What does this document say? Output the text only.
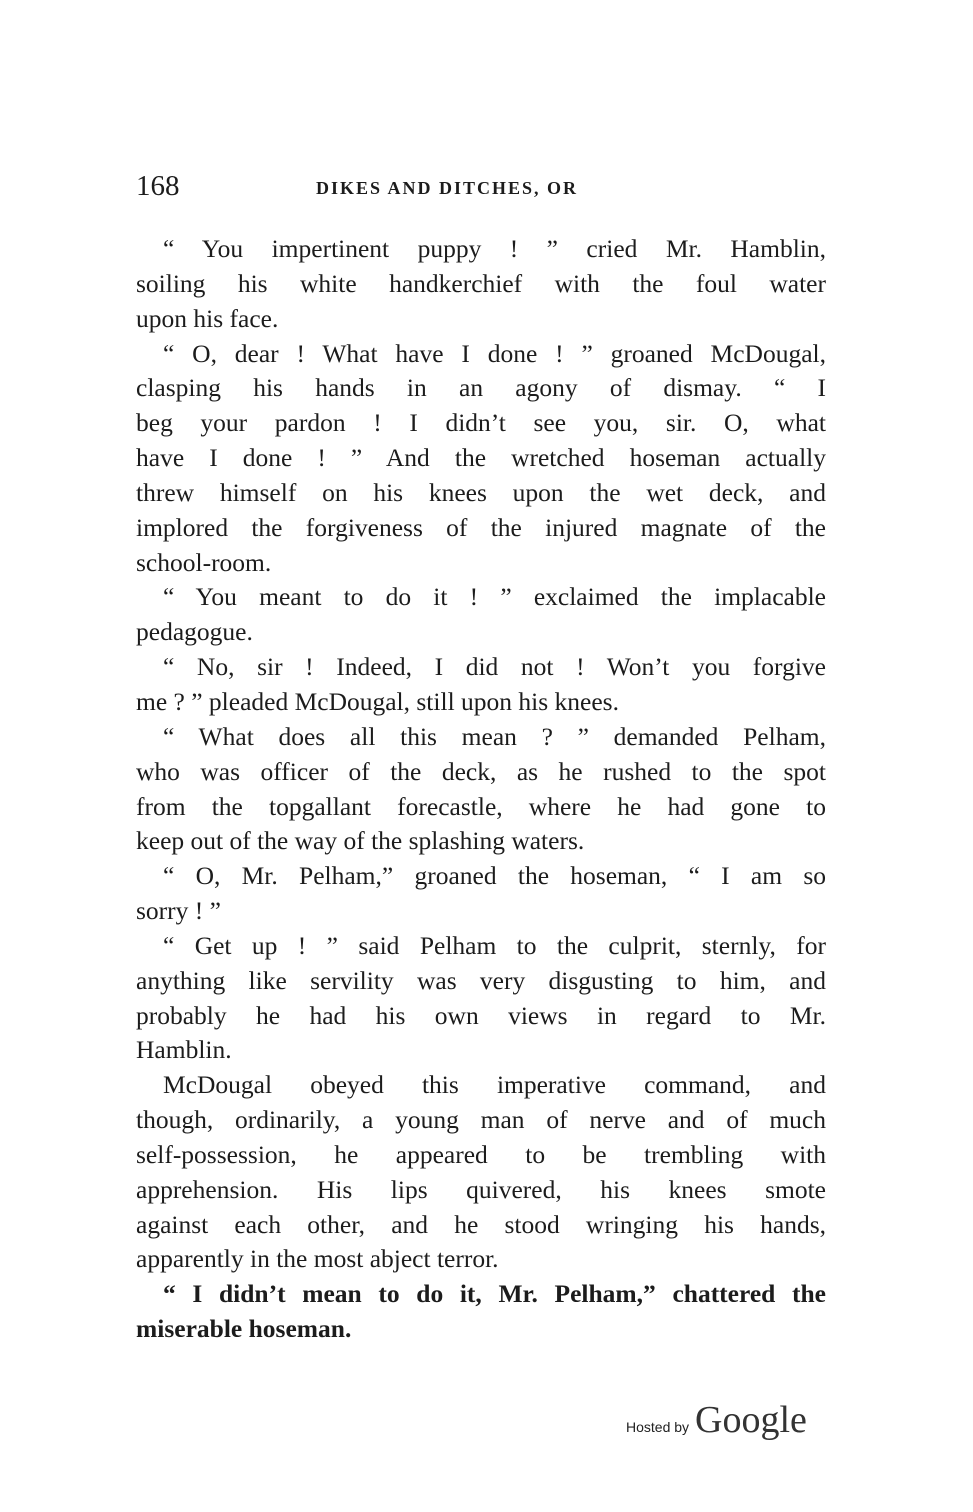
168	DIKES AND DITCHES, OR
“ You impertinent puppy ! ” cried Mr. Hamblin,
soiling his white handkerchief with the foul water
upon his face.
“ O, dear ! What have I done ! ” groaned McDougal,
clasping his hands in an agony of dismay. “ I
beg your pardon ! I didn’t see you, sir. O, what
have I done ! ” And the wretched hoseman actually
threw himself on his knees upon the wet deck, and
implored the forgiveness of the injured magnate of the
school-room.
“ You meant to do it ! ” exclaimed the implacable
pedagogue.
“ No, sir ! Indeed, I did not ! Won’t you forgive
me ? ” pleaded McDougal, still upon his knees.
“ What does all this mean ? ” demanded Pelham,
who was officer of the deck, as he rushed to the spot
from the topgallant forecastle, where he had gone to
keep out of the way of the splashing waters.
“ O, Mr. Pelham,” groaned the hoseman, “ I am so
sorry ! ”
“ Get up ! ” said Pelham to the culprit, sternly, for
anything like servility was very disgusting to him, and
probably he had his own views in regard to Mr.
Hamblin.
McDougal obeyed this imperative command, and
though, ordinarily, a young man of nerve and of much
self-possession, he appeared to be trembling with
apprehension. His lips quivered, his knees smote
against each other, and he stood wringing his hands,
apparently in the most abject terror.
“ I didn’t mean to do it, Mr. Pelham,” chattered the
miserable hoseman.
Hosted by Google
